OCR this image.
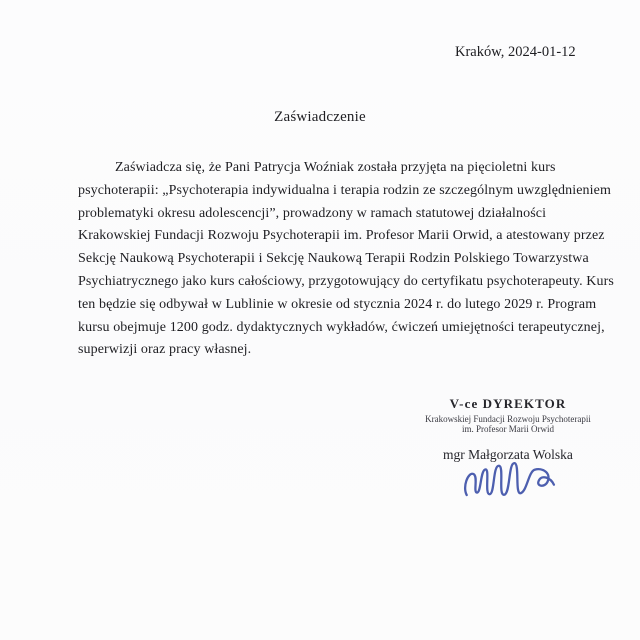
Kraków, 2024-01-12
Zaświadczenie
Zaświadcza się, że Pani Patrycja Woźniak została przyjęta na pięcioletni kurs
psychoterapii: „Psychoterapia indywidualna i terapia rodzin ze szczególnym uwzględnieniem
problematyki okresu adolescencji”, prowadzony w ramach statutowej działalności
Krakowskiej Fundacji Rozwoju Psychoterapii im. Profesor Marii Orwid, a atestowany przez
Sekcję Naukową Psychoterapii i Sekcję Naukową Terapii Rodzin Polskiego Towarzystwa
Psychiatrycznego jako kurs całościowy, przygotowujący do certyfikatu psychoterapeuty. Kurs
ten będzie się odbywał w Lublinie w okresie od stycznia 2024 r. do lutego 2029 r. Program
kursu obejmuje 1200 godz. dydaktycznych wykładów, ćwiczeń umiejętności terapeutycznej,
superwizji oraz pracy własnej.
V-ce DYREKTOR
Krakowskiej Fundacji Rozwoju Psychoterapii
im. Profesor Marii Orwid
mgr Małgorzata Wolska
